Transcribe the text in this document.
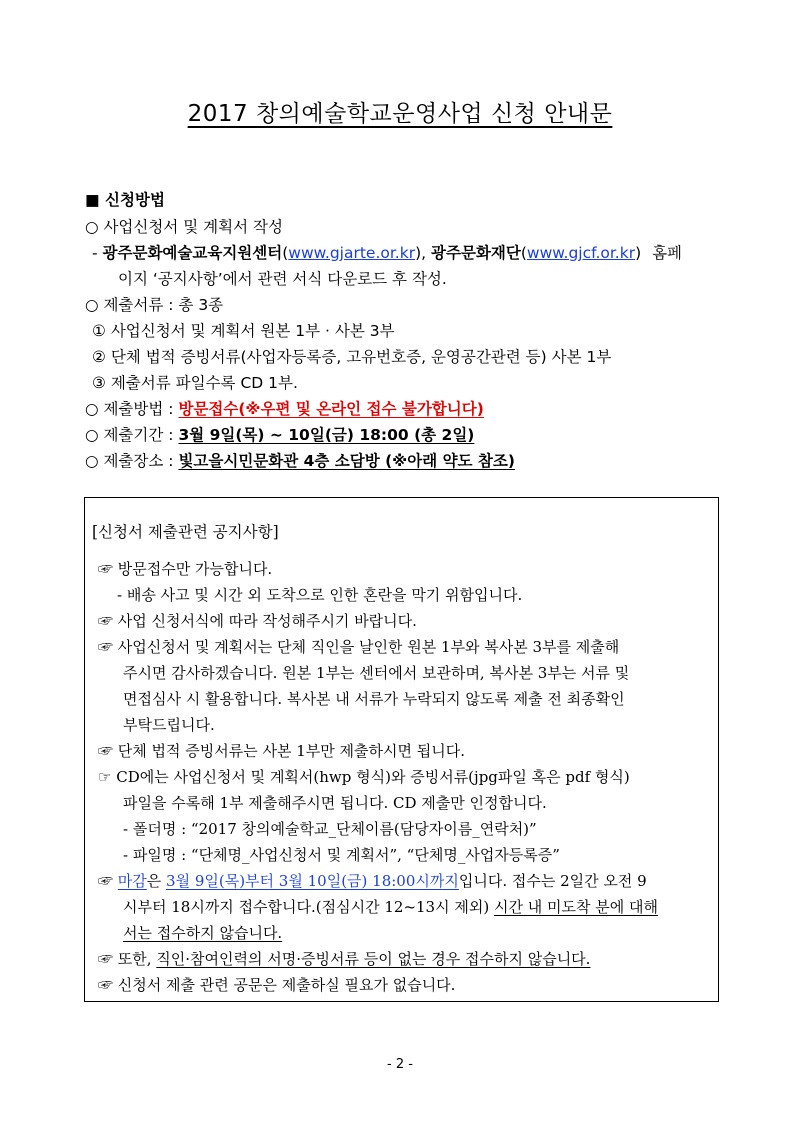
2017 창의예술학교운영사업 신청 안내문
■ 신청방법
○ 사업신청서 및 계획서 작성
- 광주문화예술교육지원센터(www.gjarte.or.kr), 광주문화재단(www.gjcf.or.kr) 홈페
이지 ‘공지사항’에서 관련 서식 다운로드 후 작성.
○ 제출서류 : 총 3종
① 사업신청서 및 계획서 원본 1부 · 사본 3부
② 단체 법적 증빙서류(사업자등록증, 고유번호증, 운영공간관련 등) 사본 1부
③ 제출서류 파일수록 CD 1부.
○ 제출방법 : 방문접수(※우편 및 온라인 접수 불가합니다)
○ 제출기간 : 3월 9일(목) ~ 10일(금) 18:00 (총 2일)
○ 제출장소 : 빛고을시민문화관 4층 소담방 (※아래 약도 참조)
[신청서 제출관련 공지사항]
☞ 방문접수만 가능합니다.
- 배송 사고 및 시간 외 도착으로 인한 혼란을 막기 위함입니다.
☞ 사업 신청서식에 따라 작성해주시기 바랍니다.
☞ 사업신청서 및 계획서는 단체 직인을 날인한 원본 1부와 복사본 3부를 제출해
주시면 감사하겠습니다. 원본 1부는 센터에서 보관하며, 복사본 3부는 서류 및
면접심사 시 활용합니다. 복사본 내 서류가 누락되지 않도록 제출 전 최종확인
부탁드립니다.
☞ 단체 법적 증빙서류는 사본 1부만 제출하시면 됩니다.
☞ CD에는 사업신청서 및 계획서(hwp 형식)와 증빙서류(jpg파일 혹은 pdf 형식)
파일을 수록해 1부 제출해주시면 됩니다. CD 제출만 인정합니다.
- 폴더명 : “2017 창의예술학교_단체이름(담당자이름_연락처)”
- 파일명 : “단체명_사업신청서 및 계획서”, “단체명_사업자등록증”
☞ 마감은 3월 9일(목)부터 3월 10일(금) 18:00시까지입니다. 접수는 2일간 오전 9
시부터 18시까지 접수합니다.(점심시간 12~13시 제외) 시간 내 미도착 분에 대해
서는 접수하지 않습니다.
☞ 또한, 직인·참여인력의 서명·증빙서류 등이 없는 경우 접수하지 않습니다.
☞ 신청서 제출 관련 공문은 제출하실 필요가 없습니다.
- 2 -
